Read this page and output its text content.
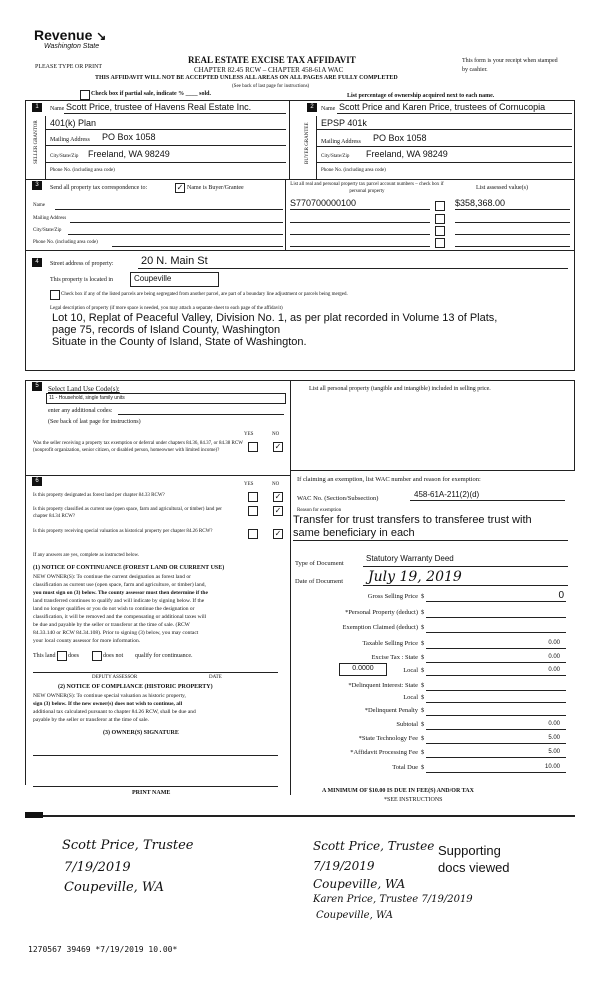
Revenue ↘
Washington State
PLEASE TYPE OR PRINT
REAL ESTATE EXCISE TAX AFFIDAVIT
CHAPTER 82.45 RCW – CHAPTER 458-61A WAC
This form is your receipt when stamped by cashier.
THIS AFFIDAVIT WILL NOT BE ACCEPTED UNLESS ALL AREAS ON ALL PAGES ARE FULLY COMPLETED
(See back of last page for instructions)
Check box if partial sale, indicate % ____ sold.	List percentage of ownership acquired next to each name.
1
SELLER GRANTOR
Name Scott Price, trustee of Havens Real Estate Inc.
401(k) Plan
Mailing Address PO Box 1058
City/State/Zip Freeland, WA 98249
Phone No. (including area code)
2
BUYER GRANTEE
Name Scott Price and Karen Price, trustees of Cornucopia
EPSP 401k
Mailing Address PO Box 1058
City/State/Zip Freeland, WA 98249
Phone No. (including area code)
3	Send all property tax correspondence to:	✓ Name is Buyer/Grantee
Name
Mailing Address
City/State/Zip
Phone No. (including area code)
List all real and personal property tax parcel account numbers – check box if personal property
List assessed value(s)
S770700000100	$358,368.00
4	Street address of property:	20 N. Main St
This property is located in	Coupeville
Check box if any of the listed parcels are being segregated from another parcel, are part of a boundary line adjustment or parcels being merged.
Legal description of property (if more space is needed, you may attach a separate sheet to each page of the affidavit)
Lot 10, Replat of Peaceful Valley, Division No. 1, as per plat recorded in Volume 13 of Plats,
page 75, records of Island County, Washington
Situate in the County of Island, State of Washington.
5	Select Land Use Code(s):
11 - Household, single family units
enter any additional codes:
(See back of last page for instructions)
YES	NO
Was the seller receiving a property tax exemption or deferral under chapters 84.36, 84.37, or 84.38 RCW (nonprofit organization, senior citizen, or disabled person, homeowner with limited income)?	✓
List all personal property (tangible and intangible) included in selling price.
6
YES	NO
Is this property designated as forest land per chapter 84.33 RCW?	✓
Is this property classified as current use (open space, farm and agricultural, or timber) land per chapter 84.34 RCW?
✓
Is this property receiving special valuation as historical property per chapter 84.26 RCW?	✓
If any answers are yes, complete as instructed below.
(1) NOTICE OF CONTINUANCE (FOREST LAND OR CURRENT USE)
NEW OWNER(S): To continue the current designation as forest land or
classification as current use (open space, farm and agriculture, or timber) land,
you must sign on (3) below. The county assessor must then determine if the
land transferred continues to qualify and will indicate by signing below. If the
land no longer qualifies or you do not wish to continue the designation or
classification, it will be removed and the compensating or additional taxes will
be due and payable by the seller or transferor at the time of sale. (RCW
84.33.140 or RCW 84.34.108). Prior to signing (3) below, you may contact
your local county assessor for more information.
This land does	does not qualify for continuance.
DEPUTY ASSESSOR	DATE
(2) NOTICE OF COMPLIANCE (HISTORIC PROPERTY)
NEW OWNER(S): To continue special valuation as historic property,
sign (3) below. If the new owner(s) does not wish to continue, all
additional tax calculated pursuant to chapter 84.26 RCW, shall be due and
payable by the seller or transferor at the time of sale.
(3) OWNER(S) SIGNATURE
PRINT NAME
If claiming an exemption, list WAC number and reason for exemption:
WAC No. (Section/Subsection)	458-61A-211(2)(d)
Reason for exemption
Transfer for trust transfers to transferee trust with
same beneficiary in each
Type of Document
Statutory Warranty Deed
Date of Document July 19, 2019
Gross Selling Price $	0
*Personal Property (deduct) $
Exemption Claimed (deduct) $
Taxable Selling Price $	0.00
Excise Tax : State $	0.00
0.0000	Local $	0.00
*Delinquent Interest: State $
Local $
*Delinquent Penalty $
Subtotal $	0.00
*State Technology Fee $	5.00
*Affidavit Processing Fee $	5.00
Total Due $	10.00
A MINIMUM OF $10.00 IS DUE IN FEE(S) AND/OR TAX
*SEE INSTRUCTIONS
Scott Price, Trustee
7/19/2019
Coupeville, WA
Scott Price, Trustee
7/19/2019
Coupeville, WA
Karen Price, Trustee 7/19/2019
Coupeville, WA
Supporting
docs viewed
1270567 39469 *7/19/2019 10.00*
